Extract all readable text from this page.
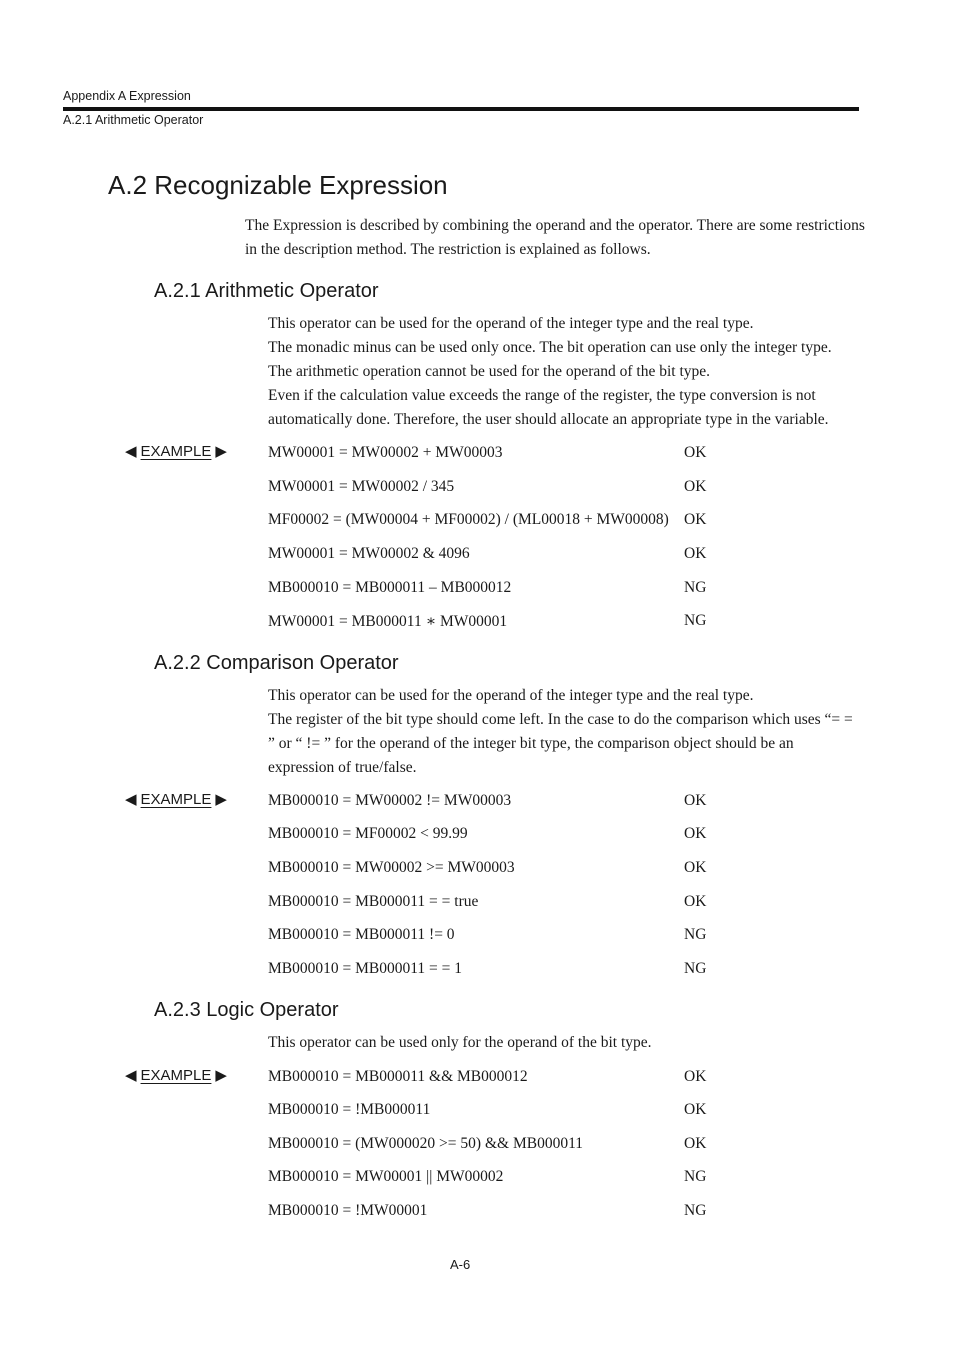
Appendix A Expression
A.2.1 Arithmetic Operator
A.2 Recognizable Expression

The Expression is described by combining the operand and the operator. There are some restrictions in the description method. The restriction is explained as follows.

A.2.1 Arithmetic Operator

This operator can be used for the operand of the integer type and the real type.

The monadic minus can be used only once. The bit operation can use only the integer type.

The arithmetic operation cannot be used for the operand of the bit type.

Even if the calculation value exceeds the range of the register, the type conversion is not automatically done. Therefore, the user should allocate an appropriate type in the variable.

◀ EXAMPLE ▶	MW00001 = MW00002 + MW00003	OK
MW00001 = MW00002 / 345	OK
MF00002 = (MW00004 + MF00002) / (ML00018 + MW00008) OK
MW00001 = MW00002 & 4096	OK
MB000010 = MB000011 – MB000012	NG
MW00001 = MB000011 ∗ MW00001	NG
A.2.2 Comparison Operator

This operator can be used for the operand of the integer type and the real type.

The register of the bit type should come left. In the case to do the comparison which uses “= = ” or “ != ” for the operand of the integer bit type, the comparison object should be an expression of true/false.

◀ EXAMPLE ▶	MB000010 = MW00002 != MW00003	OK
MB000010 = MF00002 < 99.99	OK
MB000010 = MW00002 >= MW00003	OK
MB000010 = MB000011 = = true	OK
MB000010 = MB000011 != 0	NG
MB000010 = MB000011 = = 1	NG
A.2.3 Logic Operator

This operator can be used only for the operand of the bit type.

◀ EXAMPLE ▶	MB000010 = MB000011 && MB000012	OK
MB000010 = !MB000011	OK
MB000010 = (MW000020 >= 50) && MB000011	OK
MB000010 = MW00001 || MW00002	NG
MB000010 = !MW00001	NG
A-6
